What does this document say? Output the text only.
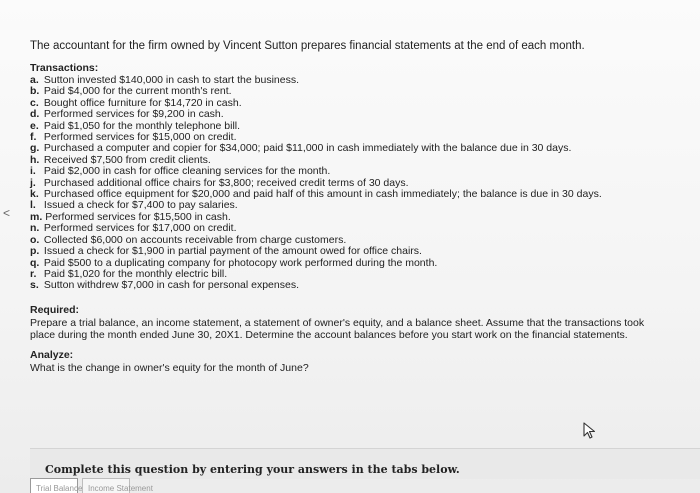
<

The accountant for the firm owned by Vincent Sutton prepares financial statements at the end of each month.

Transactions:
a. Sutton invested $140,000 in cash to start the business.
b. Paid $4,000 for the current month's rent.
c. Bought office furniture for $14,720 in cash.
d. Performed services for $9,200 in cash.
e. Paid $1,050 for the monthly telephone bill.
f. Performed services for $15,000 on credit.
g. Purchased a computer and copier for $34,000; paid $11,000 in cash immediately with the balance due in 30 days.
h. Received $7,500 from credit clients.
i. Paid $2,000 in cash for office cleaning services for the month.
j. Purchased additional office chairs for $3,800; received credit terms of 30 days.
k. Purchased office equipment for $20,000 and paid half of this amount in cash immediately; the balance is due in 30 days.
l. Issued a check for $7,400 to pay salaries.
m. Performed services for $15,500 in cash.
n. Performed services for $17,000 on credit.
o. Collected $6,000 on accounts receivable from charge customers.
p. Issued a check for $1,900 in partial payment of the amount owed for office chairs.
q. Paid $500 to a duplicating company for photocopy work performed during the month.
r. Paid $1,020 for the monthly electric bill.
s. Sutton withdrew $7,000 in cash for personal expenses.
Required:

Prepare a trial balance, an income statement, a statement of owner's equity, and a balance sheet. Assume that the transactions took

place during the month ended June 30, 20X1. Determine the account balances before you start work on the financial statements.

Analyze:

What is the change in owner's equity for the month of June?

Complete this question by entering your answers in the tabs below.
Trial Balance Income Statement
